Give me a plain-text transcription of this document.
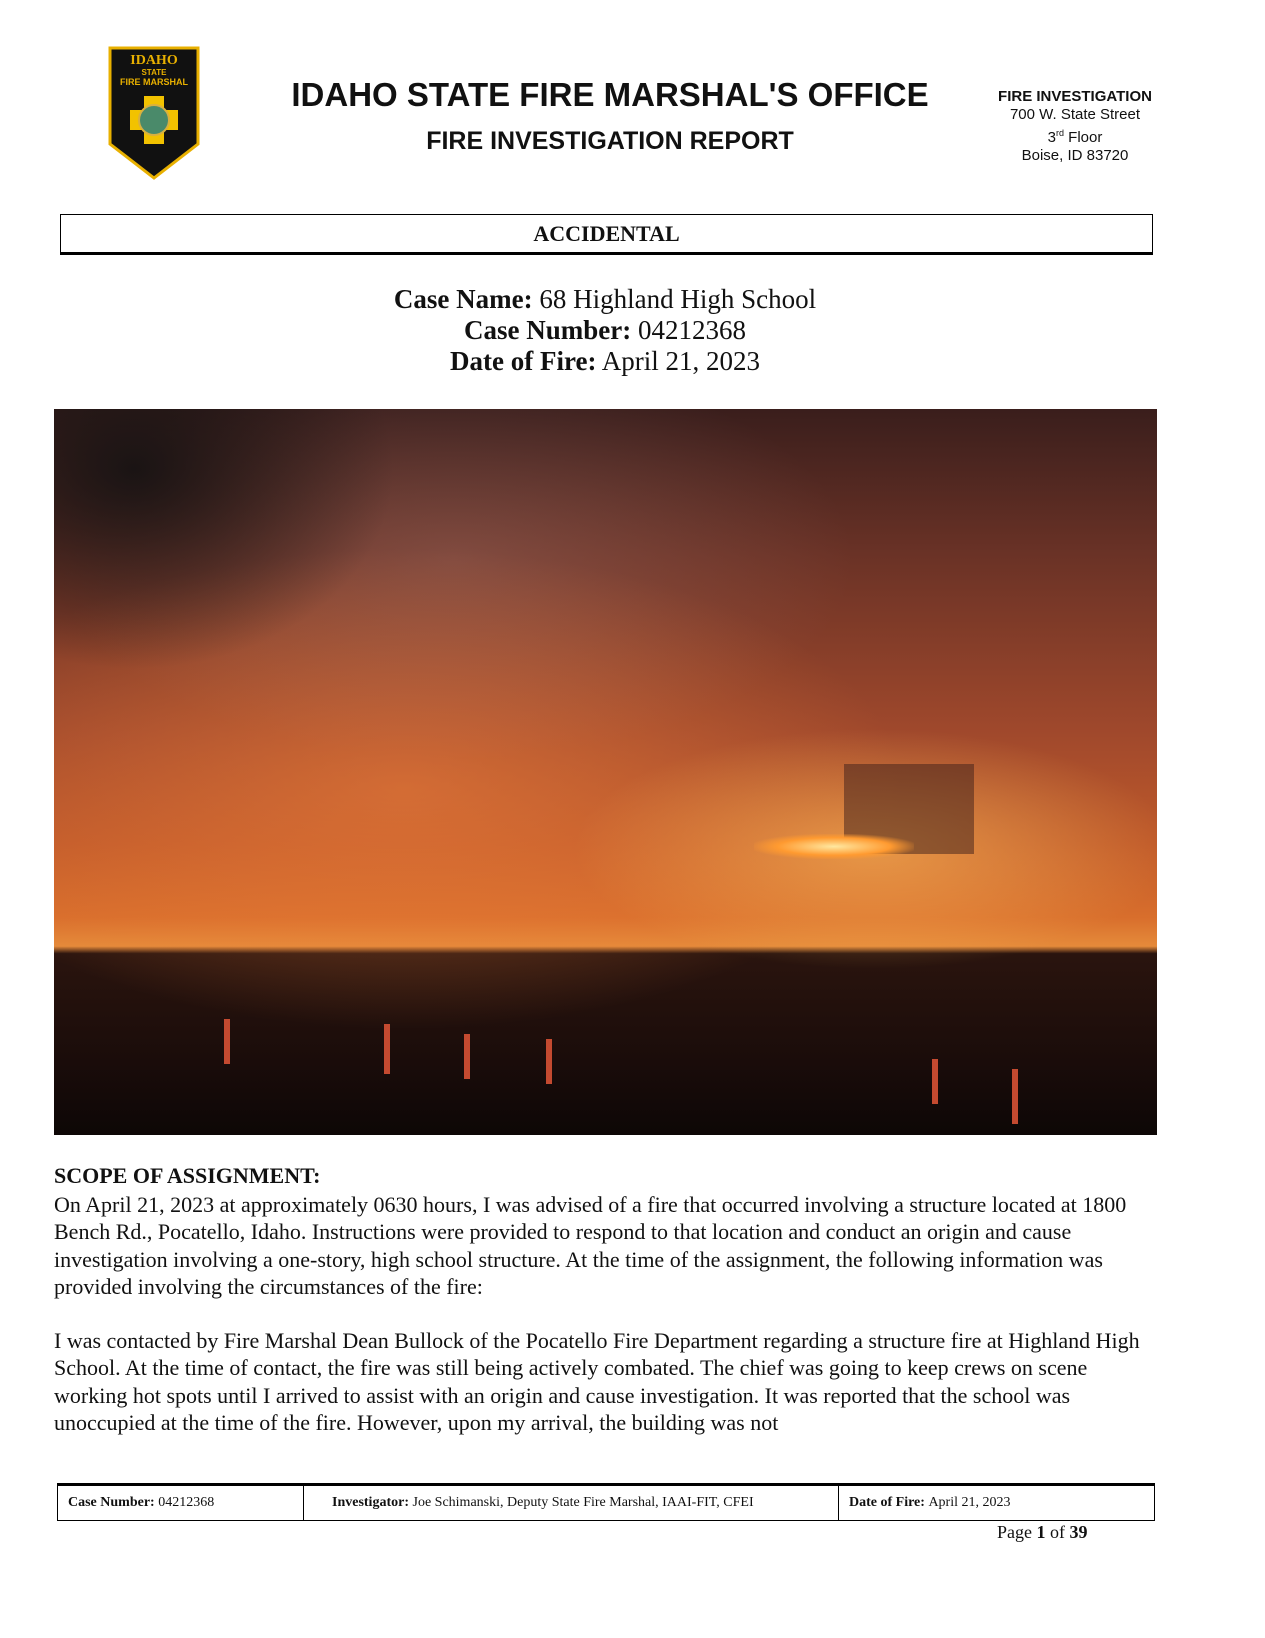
IDAHO
STATE
FIRE MARSHAL	IDAHO STATE FIRE MARSHAL'S OFFICE
FIRE INVESTIGATION REPORT
FIRE INVESTIGATION
700 W. State Street
3rd Floor
Boise, ID 83720
ACCIDENTAL
Case Name: 68 Highland High School
Case Number: 04212368
Date of Fire: April 21, 2023
SCOPE OF ASSIGNMENT:
On April 21, 2023 at approximately 0630 hours, I was advised of a fire that occurred involving a structure located at 1800 Bench Rd., Pocatello, Idaho. Instructions were provided to respond to that location and conduct an origin and cause investigation involving a one-story, high school structure. At the time of the assignment, the following information was provided involving the circumstances of the fire:
I was contacted by Fire Marshal Dean Bullock of the Pocatello Fire Department regarding a structure fire at Highland High School. At the time of contact, the fire was still being actively combated. The chief was going to keep crews on scene working hot spots until I arrived to assist with an origin and cause investigation. It was reported that the school was unoccupied at the time of the fire. However, upon my arrival, the building was not
Case Number:
04212368	Investigator:
Joe Schimanski, Deputy State Fire Marshal, IAAI-FIT, CFEI	Date of Fire:
April 21, 2023
Page 1 of 39
